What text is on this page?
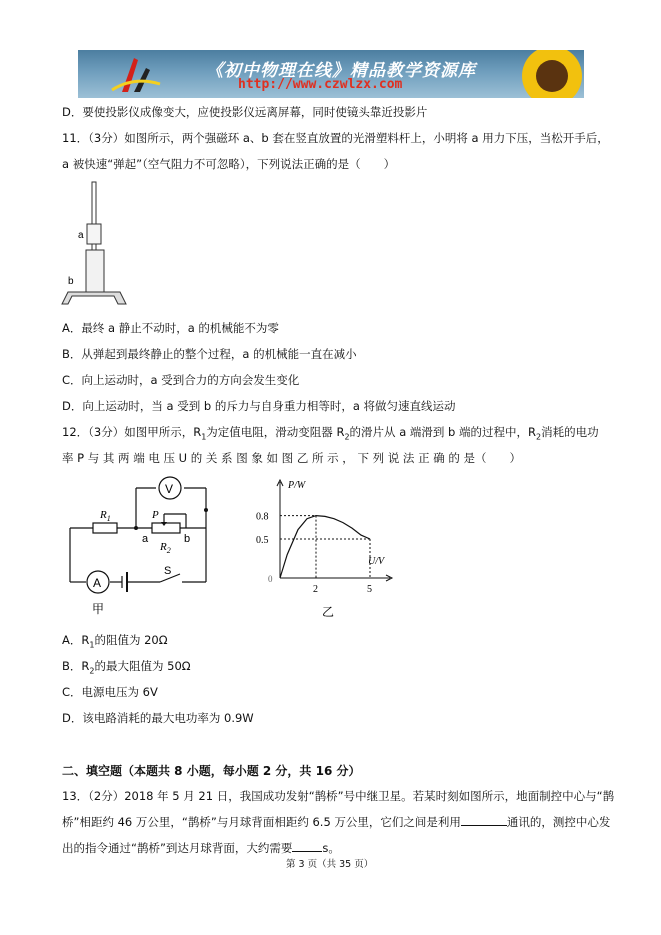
《初中物理在线》精品教学资源库
http://www.czwlzx.com
D．要使投影仪成像变大，应使投影仪远离屏幕，同时使镜头靠近投影片
11．（3分）如图所示，两个强磁环 a、b 套在竖直放置的光滑塑料杆上，小明将 a 用力下压，当松开手后，
a 被快速“弹起”（空气阻力不可忽略），下列说法正确的是（　　）
a
b
A．最终 a 静止不动时，a 的机械能不为零
B．从弹起到最终静止的整个过程，a 的机械能一直在减小
C．向上运动时，a 受到合力的方向会发生变化
D．向上运动时，当 a 受到 b 的斥力与自身重力相等时，a 将做匀速直线运动
12．（3分）如图甲所示，$R_1$为定值电阻，滑动变阻器 $R_2$的滑片从 a 端滑到 b 端的过程中，$R_2$消耗的电功
率 P 与 其 两 端 电 压 U 的 关 系 图 象 如 图 乙 所 示 ， 下 列 说 法 正 确 的 是（　　）
V
A
$R_1$	P
$R_2$
a	b
S
甲
2	5
0.8
0.5
P/W
U/V
0
乙
A．$R_1$的阻值为 20Ω
B．$R_2$的最大阻值为 50Ω
C．电源电压为 6V
D．该电路消耗的最大电功率为 0.9W
二、填空题（本题共 8 小题，每小题 2 分，共 16 分）
13．（2分）2018 年 5 月 21 日，我国成功发射“鹊桥”号中继卫星。若某时刻如图所示，地面制控中心与“鹊
桥”相距约 46 万公里，“鹊桥”与月球背面相距约 6.5 万公里，它们之间是利用	通讯的，测控中心发
出的指令通过“鹊桥”到达月球背面，大约需要	s。
第 3 页（共 35 页）
